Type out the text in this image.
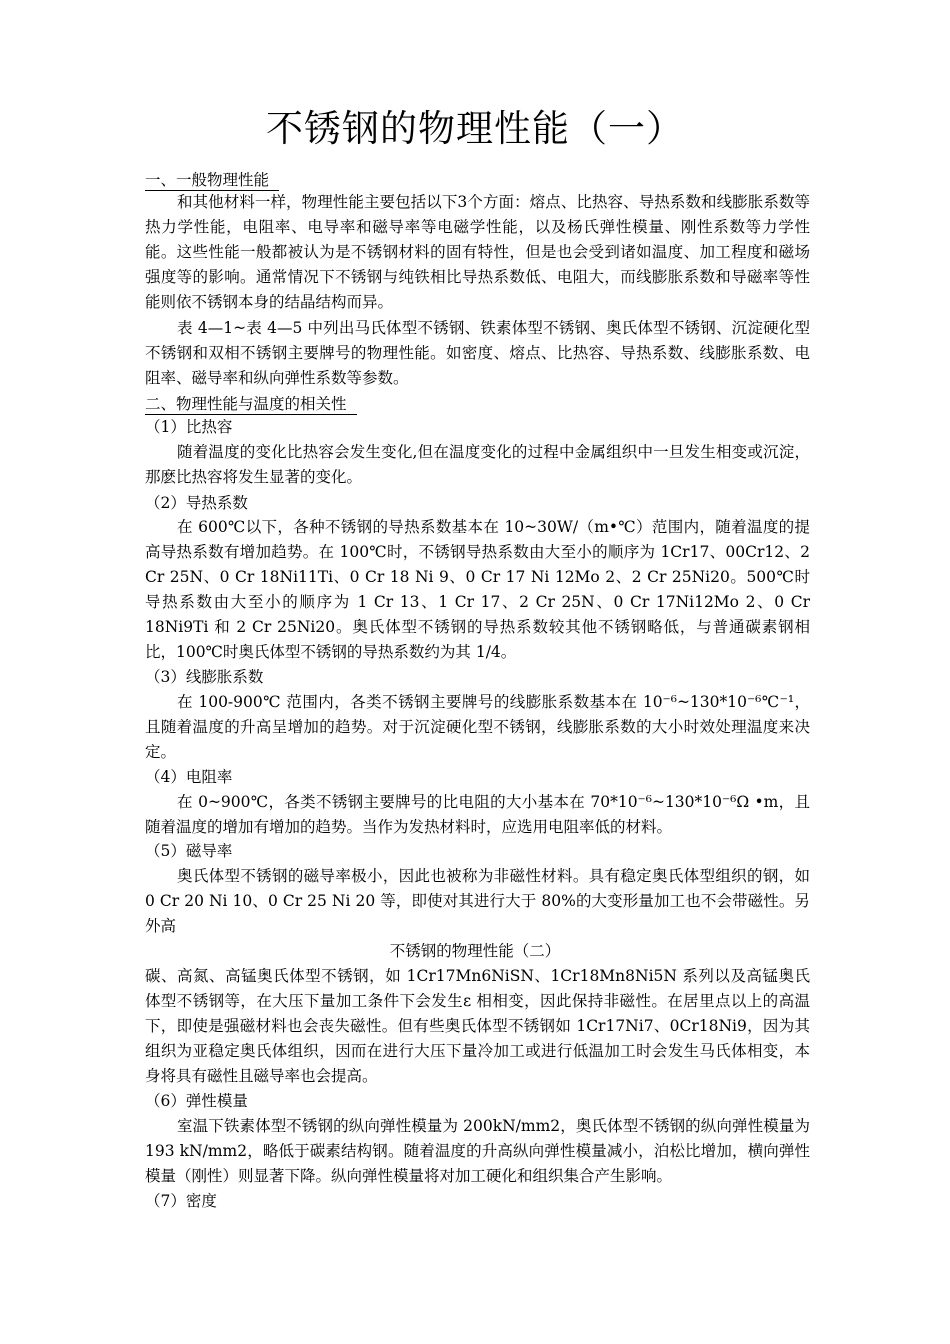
不锈钢的物理性能（一）
一、一般物理性能
和其他材料一样，物理性能主要包括以下3个方面：熔点、比热容、导热系数和线膨胀系数等热力学性能，电阻率、电导率和磁导率等电磁学性能，以及杨氏弹性模量、刚性系数等力学性能。这些性能一般都被认为是不锈钢材料的固有特性，但是也会受到诸如温度、加工程度和磁场强度等的影响。通常情况下不锈钢与纯铁相比导热系数低、电阻大，而线膨胀系数和导磁率等性能则依不锈钢本身的结晶结构而异。
表 4—1~表 4—5 中列出马氏体型不锈钢、铁素体型不锈钢、奥氏体型不锈钢、沉淀硬化型不锈钢和双相不锈钢主要牌号的物理性能。如密度、熔点、比热容、导热系数、线膨胀系数、电阻率、磁导率和纵向弹性系数等参数。
二、物理性能与温度的相关性
（1）比热容
随着温度的变化比热容会发生变化,但在温度变化的过程中金属组织中一旦发生相变或沉淀，那麽比热容将发生显著的变化。
（2）导热系数
在 600℃以下，各种不锈钢的导热系数基本在 10~30W/（m•℃）范围内，随着温度的提高导热系数有增加趋势。在 100℃时，不锈钢导热系数由大至小的顺序为 1Cr17、00Cr12、2 Cr 25N、0 Cr 18Ni11Ti、0 Cr 18 Ni 9、0 Cr 17 Ni 12Mo 2、2 Cr 25Ni20。500℃时导热系数由大至小的顺序为 1 Cr 13、1 Cr 17、2 Cr 25N、0 Cr 17Ni12Mo 2、0 Cr 18Ni9Ti 和 2 Cr 25Ni20。奥氏体型不锈钢的导热系数较其他不锈钢略低，与普通碳素钢相比，100℃时奥氏体型不锈钢的导热系数约为其 1/4。
（3）线膨胀系数
在 100-900℃ 范围内，各类不锈钢主要牌号的线膨胀系数基本在 10⁻⁶~130*10⁻⁶℃⁻¹，且随着温度的升高呈增加的趋势。对于沉淀硬化型不锈钢，线膨胀系数的大小时效处理温度来决定。
（4）电阻率
在 0~900℃，各类不锈钢主要牌号的比电阻的大小基本在 70*10⁻⁶~130*10⁻⁶Ω •m，且随着温度的增加有增加的趋势。当作为发热材料时，应选用电阻率低的材料。
（5）磁导率
奥氏体型不锈钢的磁导率极小，因此也被称为非磁性材料。具有稳定奥氏体型组织的钢，如 0 Cr 20 Ni 10、0 Cr 25 Ni 20 等，即使对其进行大于 80%的大变形量加工也不会带磁性。另外高
不锈钢的物理性能（二）
碳、高氮、高锰奥氏体型不锈钢，如 1Cr17Mn6NiSN、1Cr18Mn8Ni5N 系列以及高锰奥氏体型不锈钢等，在大压下量加工条件下会发生ε 相相变，因此保持非磁性。在居里点以上的高温下，即使是强磁材料也会丧失磁性。但有些奥氏体型不锈钢如 1Cr17Ni7、0Cr18Ni9，因为其组织为亚稳定奥氏体组织，因而在进行大压下量冷加工或进行低温加工时会发生马氏体相变，本身将具有磁性且磁导率也会提高。
（6）弹性模量
室温下铁素体型不锈钢的纵向弹性模量为 200kN/mm2，奥氏体型不锈钢的纵向弹性模量为 193 kN/mm2，略低于碳素结构钢。随着温度的升高纵向弹性模量减小，泊松比增加，横向弹性模量（刚性）则显著下降。纵向弹性模量将对加工硬化和组织集合产生影响。
（7）密度
